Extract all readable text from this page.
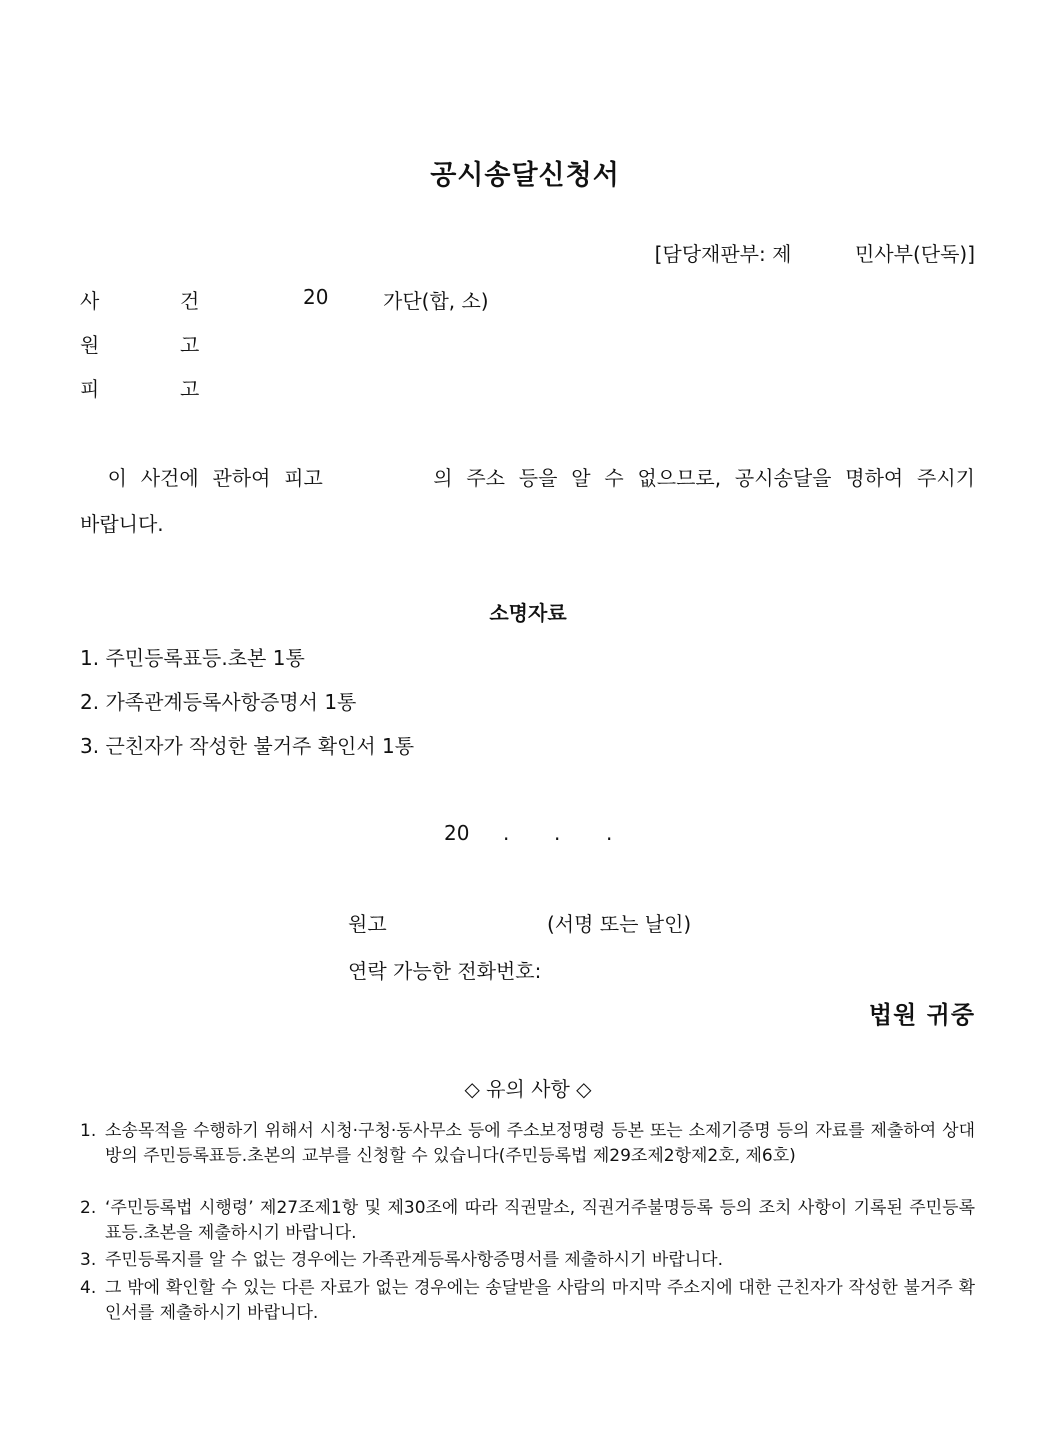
공시송달신청서
[담당재판부: 제          민사부(단독)]
사	건	20	가단(합, 소)
원	고
피	고
이 사건에 관하여 피고        의 주소 등을 알 수 없으므로, 공시송달을 명하여 주시기
바랍니다.
소명자료
1. 주민등록표등.초본 1통
2. 가족관계등록사항증명서 1통
3. 근친자가 작성한 불거주 확인서 1통
20 . . .
원고	(서명 또는 날인)
연락 가능한 전화번호:
법원 귀중
◇ 유의 사항 ◇
1. 소송목적을 수행하기 위해서 시청·구청·동사무소 등에 주소보정명령 등본 또는 소제기증명 등의 자료를 제출하여 상대방의 주민등록표등.초본의 교부를 신청할 수 있습니다(주민등록법 제29조제2항제2호, 제6호)
2. ‘주민등록법 시행령’ 제27조제1항 및 제30조에 따라 직권말소, 직권거주불명등록 등의 조치 사항이 기록된 주민등록표등.초본을 제출하시기 바랍니다.
3. 주민등록지를 알 수 없는 경우에는 가족관계등록사항증명서를 제출하시기 바랍니다.
4. 그 밖에 확인할 수 있는 다른 자료가 없는 경우에는 송달받을 사람의 마지막 주소지에 대한 근친자가 작성한 불거주 확인서를 제출하시기 바랍니다.
